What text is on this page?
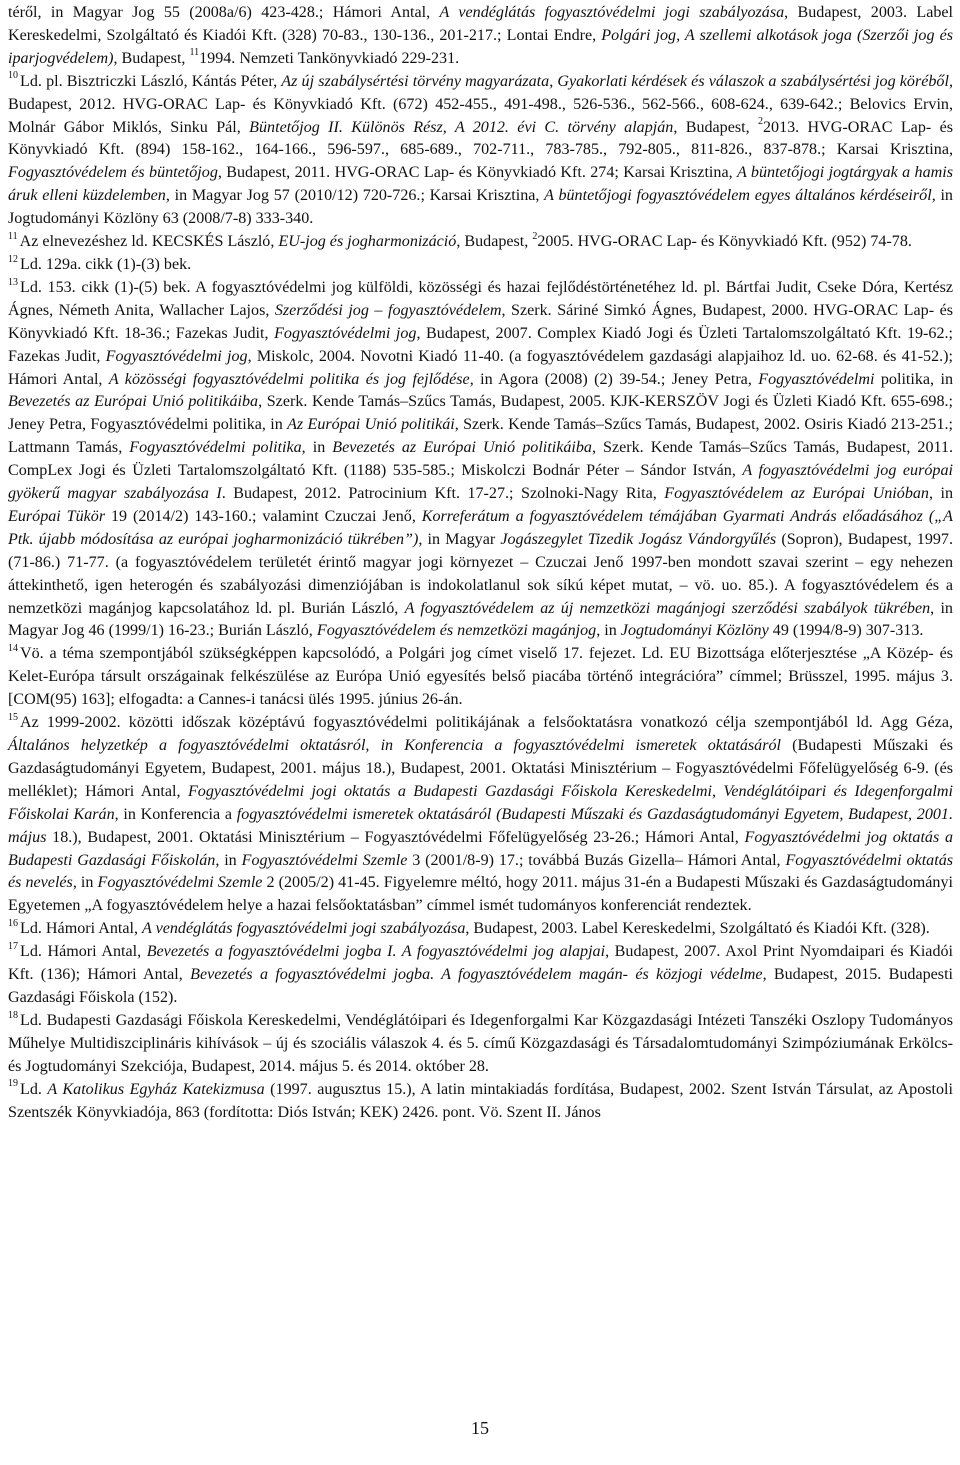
téről, in Magyar Jog 55 (2008a/6) 423-428.; Hámori Antal, A vendéglátás fogyasztóvédelmi jogi szabályozása, Budapest, 2003. Label Kereskedelmi, Szolgáltató és Kiadói Kft. (328) 70-83., 130-136., 201-217.; Lontai Endre, Polgári jog, A szellemi alkotások joga (Szerzői jog és iparjogvédelem), Budapest, $^{11}$1994. Nemzeti Tankönyvkiadó 229-231.

$^{10}$ Ld. pl. Bisztriczki László, Kántás Péter, Az új szabálysértési törvény magyarázata, Gyakorlati kérdések és válaszok a szabálysértési jog köréből, Budapest, 2012. HVG-ORAC Lap- és Könyvkiadó Kft. (672) 452-455., 491-498., 526-536., 562-566., 608-624., 639-642.; Belovics Ervin, Molnár Gábor Miklós, Sinku Pál, Büntetőjog II. Különös Rész, A 2012. évi C. törvény alapján, Budapest, $^2$2013. HVG-ORAC Lap- és Könyvkiadó Kft. (894) 158-162., 164-166., 596-597., 685-689., 702-711., 783-785., 792-805., 811-826., 837-878.; Karsai Krisztina, Fogyasztóvédelem és büntetőjog, Budapest, 2011. HVG-ORAC Lap- és Könyvkiadó Kft. 274; Karsai Krisztina, A büntetőjogi jogtárgyak a hamis áruk elleni küzdelemben, in Magyar Jog 57 (2010/12) 720-726.; Karsai Krisztina, A büntetőjogi fogyasztóvédelem egyes általános kérdéseiről, in Jogtudományi Közlöny 63 (2008/7-8) 333-340.

$^{11}$ Az elnevezéshez ld. KECSKÉS László, EU-jog és jogharmonizáció, Budapest, $^2$2005. HVG-ORAC Lap- és Könyvkiadó Kft. (952) 74-78.

$^{12}$ Ld. 129a. cikk (1)-(3) bek.

$^{13}$ Ld. 153. cikk (1)-(5) bek. A fogyasztóvédelmi jog külföldi, közösségi és hazai fejlődéstörténetéhez ld. pl. Bártfai Judit, Cseke Dóra, Kertész Ágnes, Németh Anita, Wallacher Lajos, Szerződési jog – fogyasztóvédelem, Szerk. Sáriné Simkó Ágnes, Budapest, 2000. HVG-ORAC Lap- és Könyvkiadó Kft. 18-36.; Fazekas Judit, Fogyasztóvédelmi jog, Budapest, 2007. Complex Kiadó Jogi és Üzleti Tartalomszolgáltató Kft. 19-62.; Fazekas Judit, Fogyasztóvédelmi jog, Miskolc, 2004. Novotni Kiadó 11-40. (a fogyasztóvédelem gazdasági alapjaihoz ld. uo. 62-68. és 41-52.); Hámori Antal, A közösségi fogyasztóvédelmi politika és jog fejlődése, in Agora (2008) (2) 39-54.; Jeney Petra, Fogyasztóvédelmi politika, in Bevezetés az Európai Unió politikáiba, Szerk. Kende Tamás–Szűcs Tamás, Budapest, 2005. KJK-KERSZÖV Jogi és Üzleti Kiadó Kft. 655-698.; Jeney Petra, Fogyasztóvédelmi politika, in Az Európai Unió politikái, Szerk. Kende Tamás–Szűcs Tamás, Budapest, 2002. Osiris Kiadó 213-251.; Lattmann Tamás, Fogyasztóvédelmi politika, in Bevezetés az Európai Unió politikáiba, Szerk. Kende Tamás–Szűcs Tamás, Budapest, 2011. CompLex Jogi és Üzleti Tartalomszolgáltató Kft. (1188) 535-585.; Miskolczi Bodnár Péter – Sándor István, A fogyasztóvédelmi jog európai gyökerű magyar szabályozása I. Budapest, 2012. Patrocinium Kft. 17-27.; Szolnoki-Nagy Rita, Fogyasztóvédelem az Európai Unióban, in Európai Tükör 19 (2014/2) 143-160.; valamint Czuczai Jenő, Korreferátum a fogyasztóvédelem témájában Gyarmati András előadásához („A Ptk. újabb módosítása az európai jogharmonizáció tükrében”), in Magyar Jogászegylet Tizedik Jogász Vándorgyűlés (Sopron), Budapest, 1997. (71-86.) 71-77. (a fogyasztóvédelem területét érintő magyar jogi környezet – Czuczai Jenő 1997-ben mondott szavai szerint – egy nehezen áttekinthető, igen heterogén és szabályozási dimenziójában is indokolatlanul sok síkú képet mutat, – vö. uo. 85.). A fogyasztóvédelem és a nemzetközi magánjog kapcsolatához ld. pl. Burián László, A fogyasztóvédelem az új nemzetközi magánjogi szerződési szabályok tükrében, in Magyar Jog 46 (1999/1) 16-23.; Burián László, Fogyasztóvédelem és nemzetközi magánjog, in Jogtudományi Közlöny 49 (1994/8-9) 307-313.

$^{14}$ Vö. a téma szempontjából szükségképpen kapcsolódó, a Polgári jog címet viselő 17. fejezet. Ld. EU Bizottsága előterjesztése „A Közép- és Kelet-Európa társult országainak felkészülése az Európa Unió egyesítés belső piacába történő integrációra” címmel; Brüsszel, 1995. május 3. [COM(95) 163]; elfogadta: a Cannes-i tanácsi ülés 1995. június 26-án.

$^{15}$ Az 1999-2002. közötti időszak középtávú fogyasztóvédelmi politikájának a felsőoktatásra vonatkozó célja szempontjából ld. Agg Géza, Általános helyzetkép a fogyasztóvédelmi oktatásról, in Konferencia a fogyasztóvédelmi ismeretek oktatásáról (Budapesti Műszaki és Gazdaságtudományi Egyetem, Budapest, 2001. május 18.), Budapest, 2001. Oktatási Minisztérium – Fogyasztóvédelmi Főfelügyelőség 6-9. (és melléklet); Hámori Antal, Fogyasztóvédelmi jogi oktatás a Budapesti Gazdasági Főiskola Kereskedelmi, Vendéglátóipari és Idegenforgalmi Főiskolai Karán, in Konferencia a fogyasztóvédelmi ismeretek oktatásáról (Budapesti Műszaki és Gazdaságtudományi Egyetem, Budapest, 2001. május 18.), Budapest, 2001. Oktatási Minisztérium – Fogyasztóvédelmi Főfelügyelőség 23-26.; Hámori Antal, Fogyasztóvédelmi jog oktatás a Budapesti Gazdasági Főiskolán, in Fogyasztóvédelmi Szemle 3 (2001/8-9) 17.; továbbá Buzás Gizella– Hámori Antal, Fogyasztóvédelmi oktatás és nevelés, in Fogyasztóvédelmi Szemle 2 (2005/2) 41-45. Figyelemre méltó, hogy 2011. május 31-én a Budapesti Műszaki és Gazdaságtudományi Egyetemen „A fogyasztóvédelem helye a hazai felsőoktatásban” címmel ismét tudományos konferenciát rendeztek.

$^{16}$ Ld. Hámori Antal, A vendéglátás fogyasztóvédelmi jogi szabályozása, Budapest, 2003. Label Kereskedelmi, Szolgáltató és Kiadói Kft. (328).

$^{17}$ Ld. Hámori Antal, Bevezetés a fogyasztóvédelmi jogba I. A fogyasztóvédelmi jog alapjai, Budapest, 2007. Axol Print Nyomdaipari és Kiadói Kft. (136); Hámori Antal, Bevezetés a fogyasztóvédelmi jogba. A fogyasztóvédelem magán- és közjogi védelme, Budapest, 2015. Budapesti Gazdasági Főiskola (152).

$^{18}$ Ld. Budapesti Gazdasági Főiskola Kereskedelmi, Vendéglátóipari és Idegenforgalmi Kar Közgazdasági Intézeti Tanszéki Oszlopy Tudományos Műhelye Multidiszciplináris kihívások – új és szociális válaszok 4. és 5. című Közgazdasági és Társadalomtudományi Szimpóziumának Erkölcs- és Jogtudományi Szekciója, Budapest, 2014. május 5. és 2014. október 28.

$^{19}$ Ld. A Katolikus Egyház Katekizmusa (1997. augusztus 15.), A latin mintakiadás fordítása, Budapest, 2002. Szent István Társulat, az Apostoli Szentszék Könyvkiadója, 863 (fordította: Diós István; KEK) 2426. pont. Vö. Szent II. János

15
